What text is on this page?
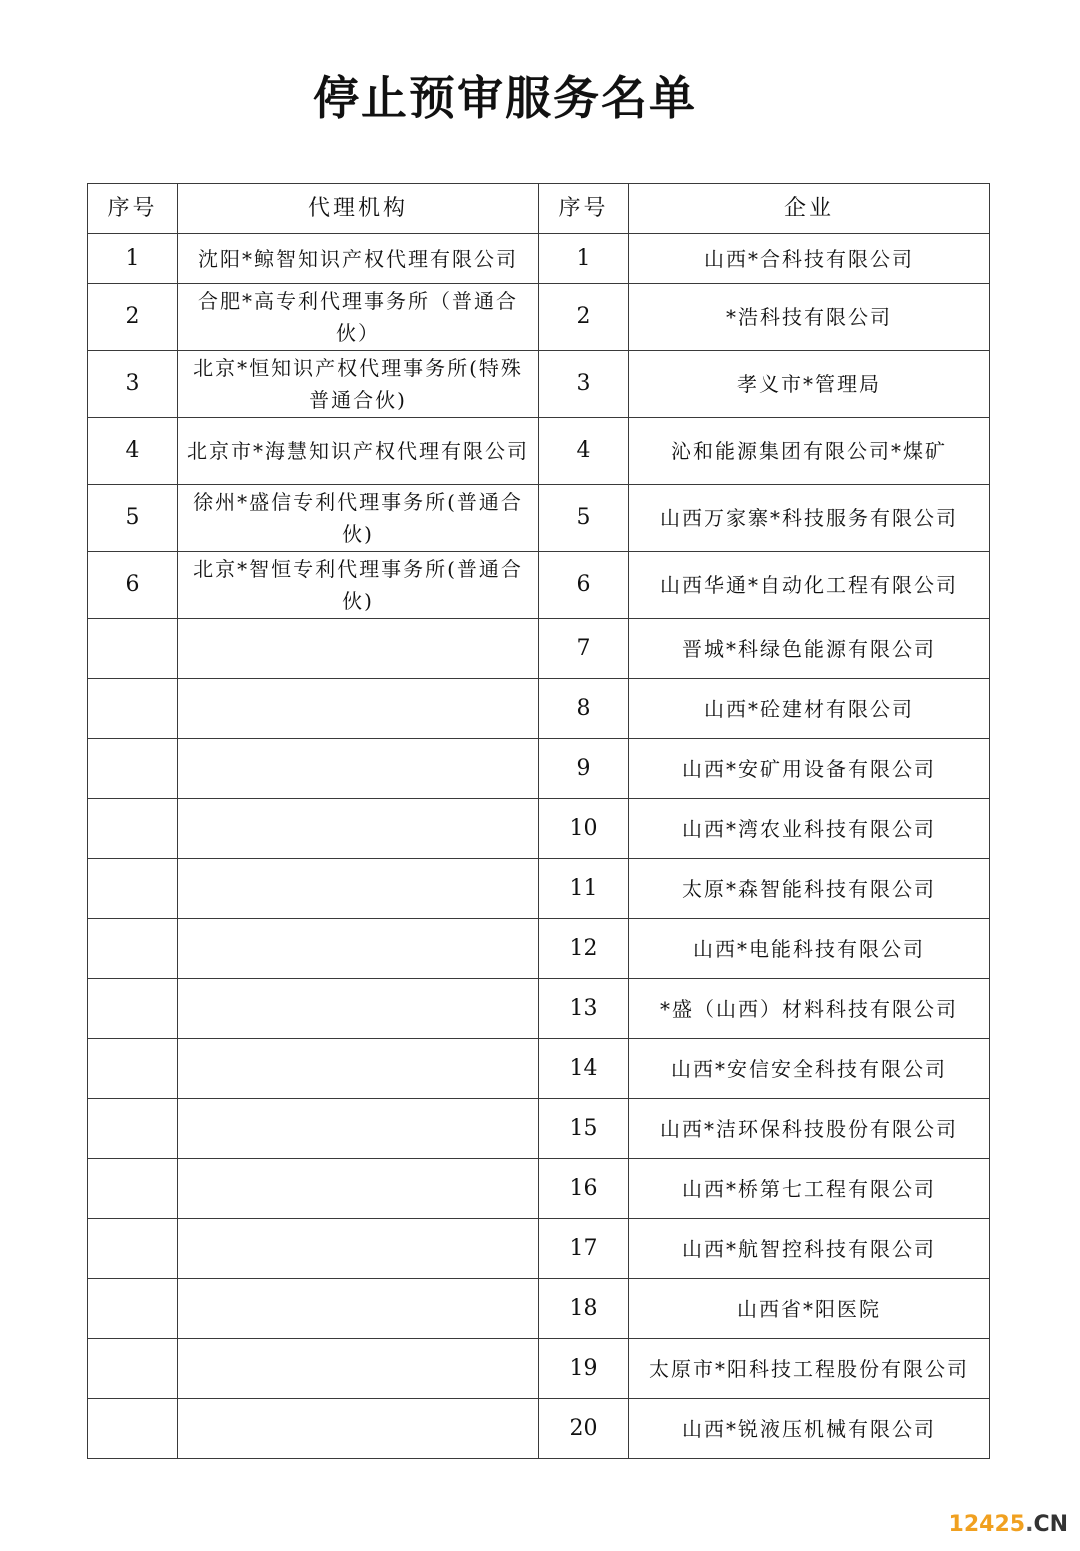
停止预审服务名单
序号	代理机构	序号	企业
1	沈阳*鲸智知识产权代理有限公司	1	山西*合科技有限公司
2	合肥*高专利代理事务所（普通合伙）	2	*浩科技有限公司
3	北京*恒知识产权代理事务所(特殊普通合伙)	3	孝义市*管理局
4	北京市*海慧知识产权代理有限公司	4	沁和能源集团有限公司*煤矿
5	徐州*盛信专利代理事务所(普通合伙)	5	山西万家寨*科技服务有限公司
6	北京*智恒专利代理事务所(普通合伙)	6	山西华通*自动化工程有限公司
		7	晋城*科绿色能源有限公司
		8	山西*砼建材有限公司
		9	山西*安矿用设备有限公司
		10	山西*湾农业科技有限公司
		11	太原*森智能科技有限公司
		12	山西*电能科技有限公司
		13	*盛（山西）材料科技有限公司
		14	山西*安信安全科技有限公司
		15	山西*洁环保科技股份有限公司
		16	山西*桥第七工程有限公司
		17	山西*航智控科技有限公司
		18	山西省*阳医院
		19	太原市*阳科技工程股份有限公司
		20	山西*锐液压机械有限公司
12425.CN
